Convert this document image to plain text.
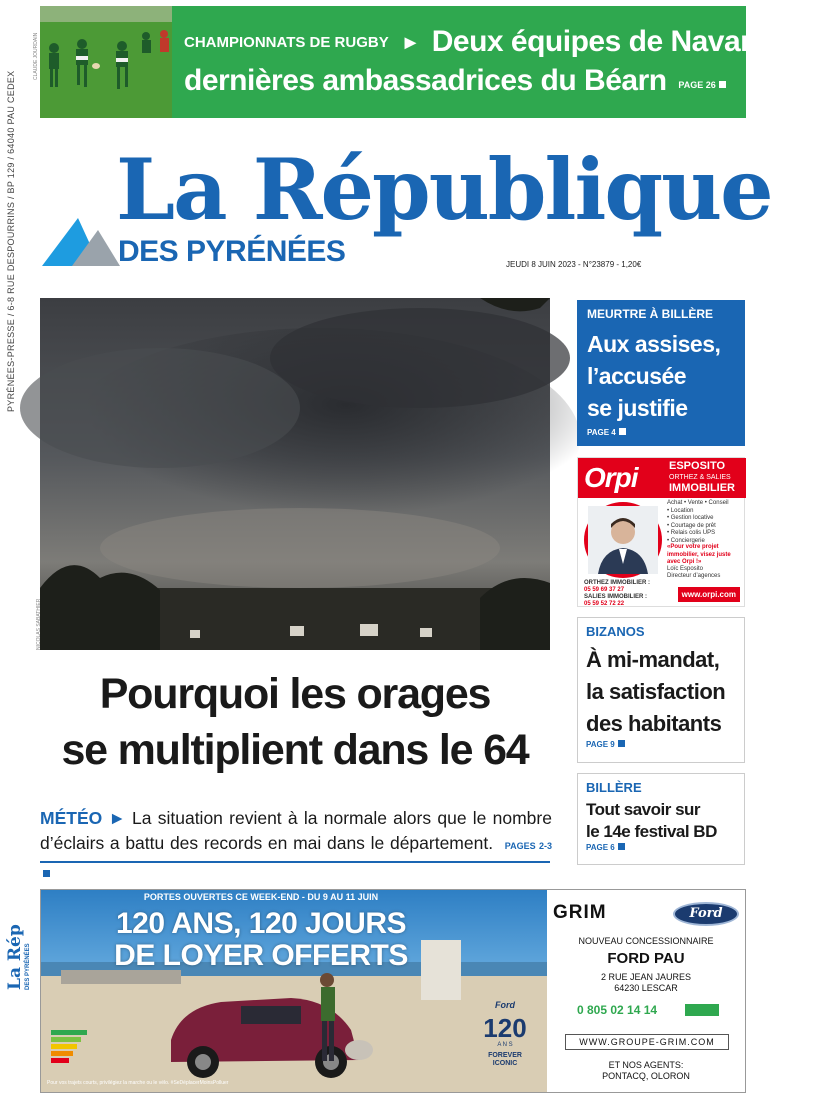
CHAMPIONNATS DE RUGBY ► Deux équipes de Navarrenx
dernières ambassadrices du Béarn PAGE 26
CLAUDE JOURDAIN
PYRÉNÉES-PRESSE / 6-8 RUE DESPOURRINS / BP 129 / 64040 PAU CEDEX La République
DES PYRÉNÉES	JEUDI 8 JUIN 2023 - N°23879 - 1,20€
NICOLAS SABATHIER
Pourquoi les orages
se multiplient dans le 64
MÉTÉO ► La situation revient à la normale alors que le nombre d’éclairs a battu des records en mai dans le département. PAGES 2-3
MEURTRE À BILLÈRE
Aux assises,
l’accusée
se justifie
PAGE 4
Orpi	ESPOSITO
ORTHEZ & SALIES
IMMOBILIER
Achat • Vente • Conseil
• Location
• Gestion locative
• Courtage de prêt
• Relais colis UPS
• Conciergerie
«Pour votre projet immobilier, visez juste avec Orpi !»
Loïc Esposito
Directeur d’agences
ORTHEZ IMMOBILIER :
05 59 69 37 27
SALIES IMMOBILIER :
05 59 52 72 22
www.orpi.com
BIZANOS
À mi-mandat,
la satisfaction
des habitants
PAGE 9
BILLÈRE
Tout savoir sur
le 14e festival BD
PAGE 6
La Rép DES PYRÉNÉES
PORTES OUVERTES CE WEEK-END - DU 9 AU 11 JUIN
120 ANS, 120 JOURS
DE LOYER OFFERTS
Ford
120
A N S
FOREVER
ICONIC
Pour vos trajets courts, privilégiez la marche ou le vélo. #SeDéplacerMoinsPolluer
GRIM	Ford
NOUVEAU CONCESSIONNAIRE
FORD PAU
2 RUE JEAN JAURES
64230 LESCAR
0 805 02 14 14
WWW.GROUPE-GRIM.COM
ET NOS AGENTS:
PONTACQ, OLORON
